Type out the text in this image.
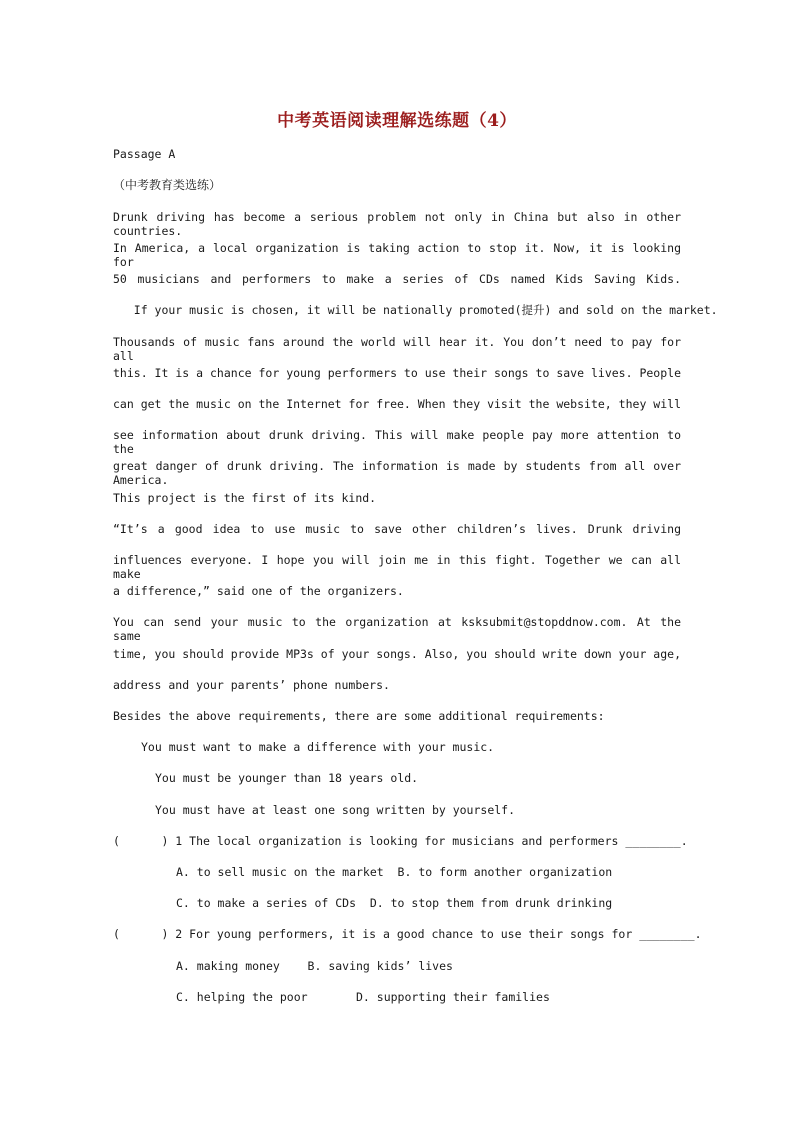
中考英语阅读理解选练题（4）
Passage A
（中考教育类选练）
Drunk driving has become a serious problem not only in China but also in other countries.
In America, a local organization is taking action to stop it. Now, it is looking for
50 musicians and performers to make a series of CDs named Kids Saving Kids.
If your music is chosen, it will be nationally promoted(提升) and sold on the market.
Thousands of music fans around the world will hear it. You don’t need to pay for all
this. It is a chance for young performers to use their songs to save lives. People
can get the music on the Internet for free. When they visit the website, they will
see information about drunk driving. This will make people pay more attention to the
great danger of drunk driving. The information is made by students from all over America.
This project is the first of its kind.
“It’s a good idea to use music to save other children’s lives. Drunk driving
influences everyone. I hope you will join me in this fight. Together we can all make
a difference,” said one of the organizers.
You can send your music to the organization at ksksubmit@stopddnow.com. At the same
time, you should provide MP3s of your songs. Also, you should write down your age,
address and your parents’ phone numbers.
Besides the above requirements, there are some additional requirements:
You must want to make a difference with your music.
You must be younger than 18 years old.
You must have at least one song written by yourself.
(      ) 1 The local organization is looking for musicians and performers ________.
A. to sell music on the market  B. to form another organization
C. to make a series of CDs  D. to stop them from drunk drinking
(      ) 2 For young performers, it is a good chance to use their songs for ________.
A. making money    B. saving kids’ lives
C. helping the poor       D. supporting their families
